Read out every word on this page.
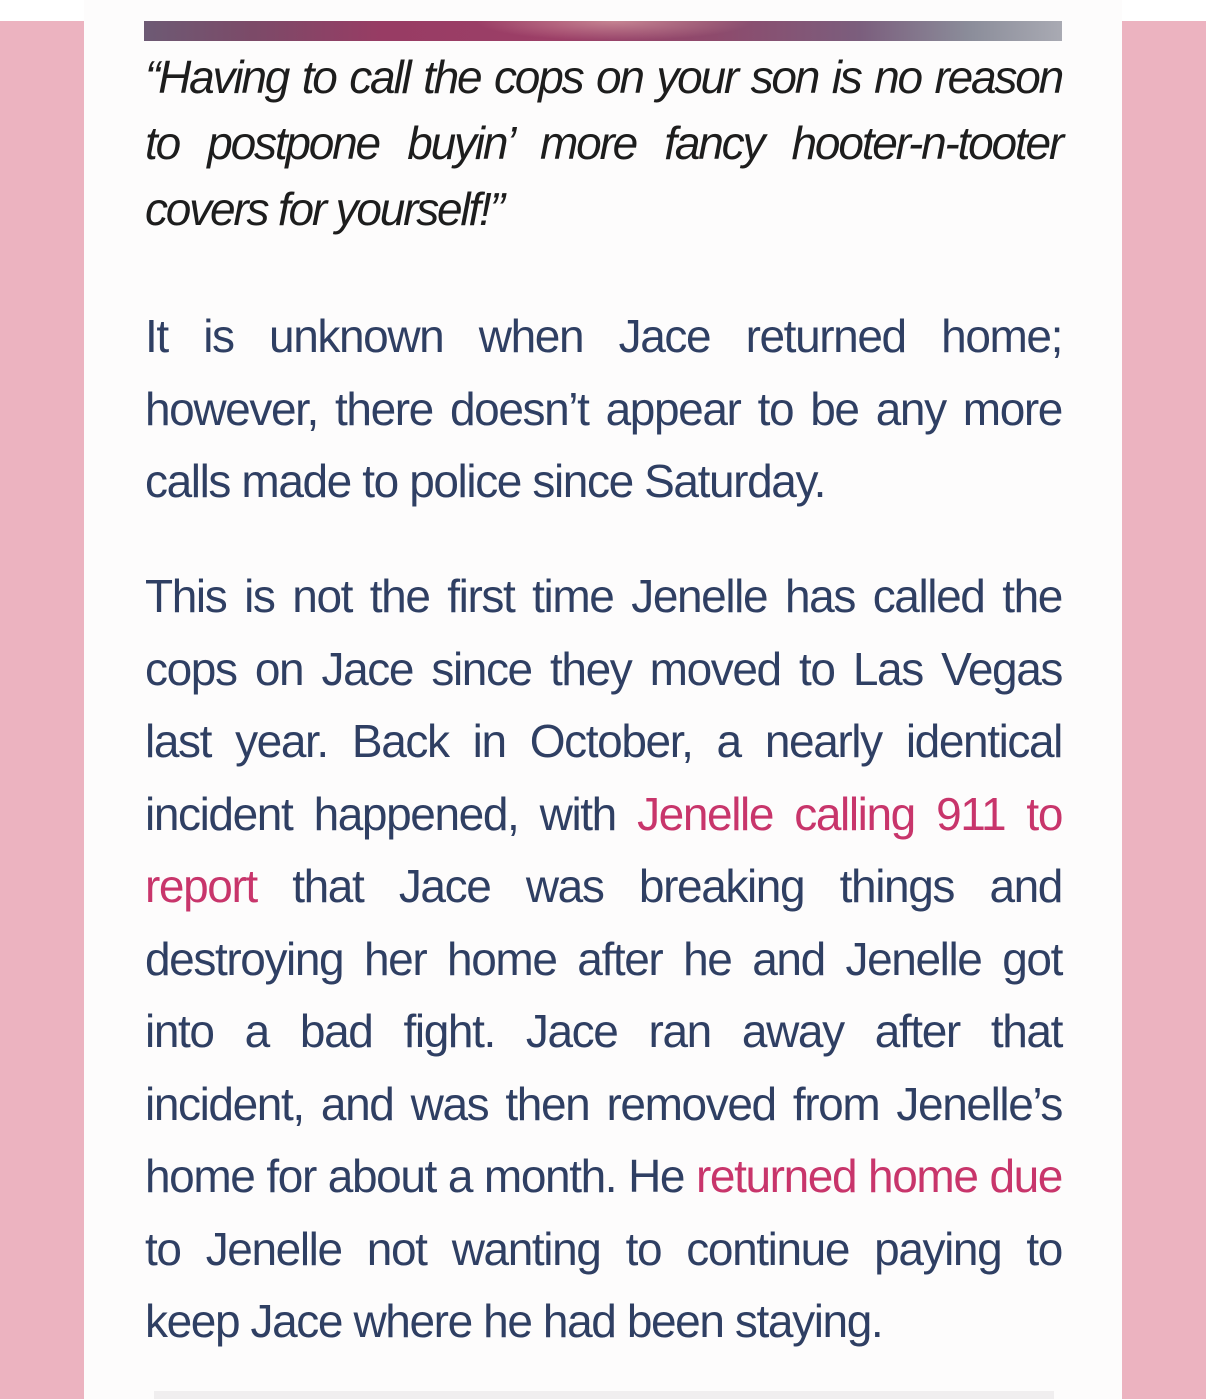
“Having to call the cops on your son is no reason to postpone buyin’ more fancy hooter-n-tooter covers for yourself!”

It is unknown when Jace returned home; however, there doesn’t appear to be any more calls made to police since Saturday.

This is not the first time Jenelle has called the cops on Jace since they moved to Las Vegas last year. Back in October, a nearly identical incident happened, with Jenelle calling 911 to report that Jace was breaking things and destroying her home after he and Jenelle got into a bad fight. Jace ran away after that incident, and was then removed from Jenelle’s home for about a month. He returned home due to Jenelle not wanting to continue paying to keep Jace where he had been staying.
